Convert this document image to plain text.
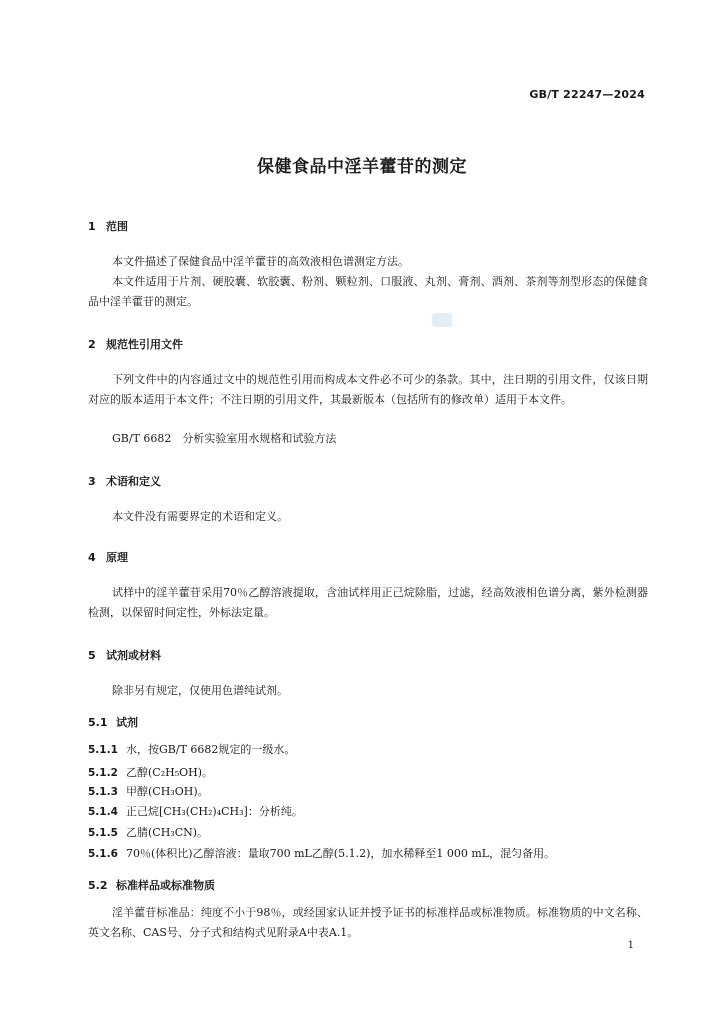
GB/T 22247—2024
保健食品中淫羊藿苷的测定
1 范围
本文件描述了保健食品中淫羊藿苷的高效液相色谱测定方法。
本文件适用于片剂、硬胶囊、软胶囊、粉剂、颗粒剂、口服液、丸剂、膏剂、酒剂、茶剂等剂型形态的保健食品中淫羊藿苷的测定。
2 规范性引用文件
下列文件中的内容通过文中的规范性引用而构成本文件必不可少的条款。其中，注日期的引用文件，仅该日期对应的版本适用于本文件；不注日期的引用文件，其最新版本（包括所有的修改单）适用于本文件。
GB/T 6682　分析实验室用水规格和试验方法
3 术语和定义
本文件没有需要界定的术语和定义。
4 原理
试样中的淫羊藿苷采用70％乙醇溶液提取，含油试样用正己烷除脂，过滤，经高效液相色谱分离，紫外检测器检测，以保留时间定性，外标法定量。
5 试剂或材料
除非另有规定，仅使用色谱纯试剂。
5.1 试剂
5.1.1 水，按GB/T 6682规定的一级水。
5.1.2 乙醇(C₂H₅OH)。
5.1.3 甲醇(CH₃OH)。
5.1.4 正己烷[CH₃(CH₂)₄CH₃]：分析纯。
5.1.5 乙腈(CH₃CN)。
5.1.6 70％(体积比)乙醇溶液：量取700 mL乙醇(5.1.2)，加水稀释至1 000 mL，混匀备用。
5.2 标准样品或标准物质
淫羊藿苷标准品：纯度不小于98％，或经国家认证并授予证书的标准样品或标准物质。标准物质的中文名称、英文名称、CAS号、分子式和结构式见附录A中表A.1。
1
